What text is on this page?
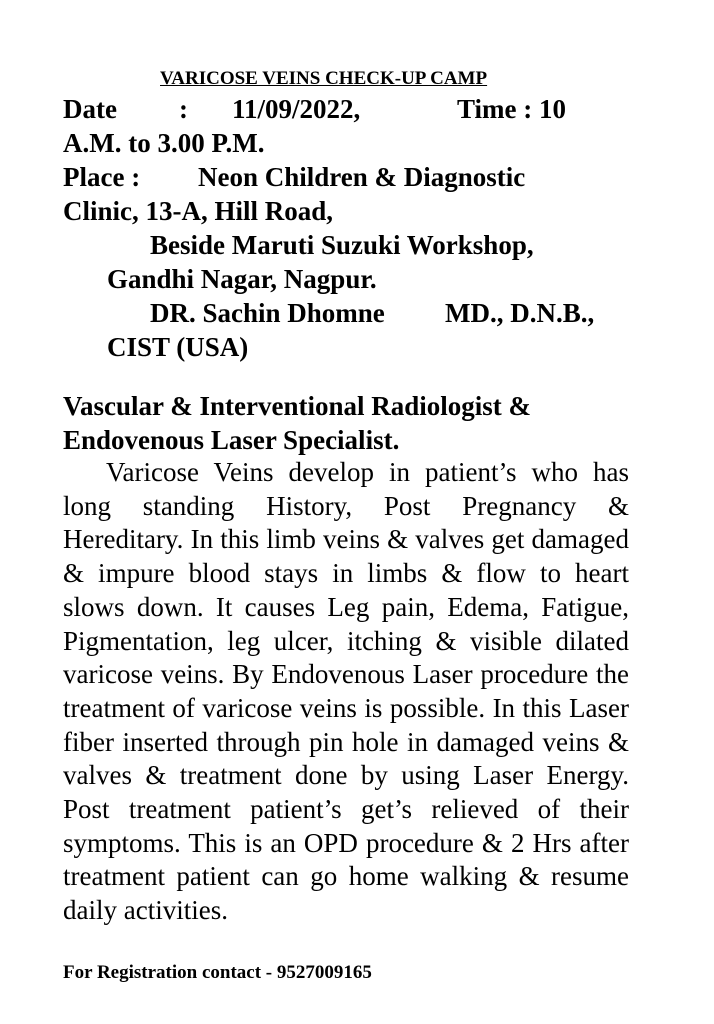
VARICOSE VEINS CHECK-UP CAMP
Date : 11/09/2022,	Time : 10
A.M. to 3.00 P.M.
Place : Neon Children & Diagnostic
Clinic, 13-A, Hill Road,
Beside Maruti Suzuki Workshop,
Gandhi Nagar, Nagpur.
DR. Sachin Dhomne MD., D.N.B.,
CIST (USA)
Vascular & Interventional Radiologist &
Endovenous Laser Specialist.

Varicose Veins develop in patient’s who has long standing History, Post Pregnancy & Hereditary. In this limb veins & valves get damaged & impure blood stays in limbs & flow to heart slows down. It causes Leg pain, Edema, Fatigue, Pigmentation, leg ulcer, itching & visible dilated varicose veins. By Endovenous Laser procedure the treatment of varicose veins is possible. In this Laser fiber inserted through pin hole in damaged veins & valves & treatment done by using Laser Energy. Post treatment patient’s get’s relieved of their symptoms. This is an OPD procedure & 2 Hrs after treatment patient can go home walking & resume daily activities.

For Registration contact - 9527009165
